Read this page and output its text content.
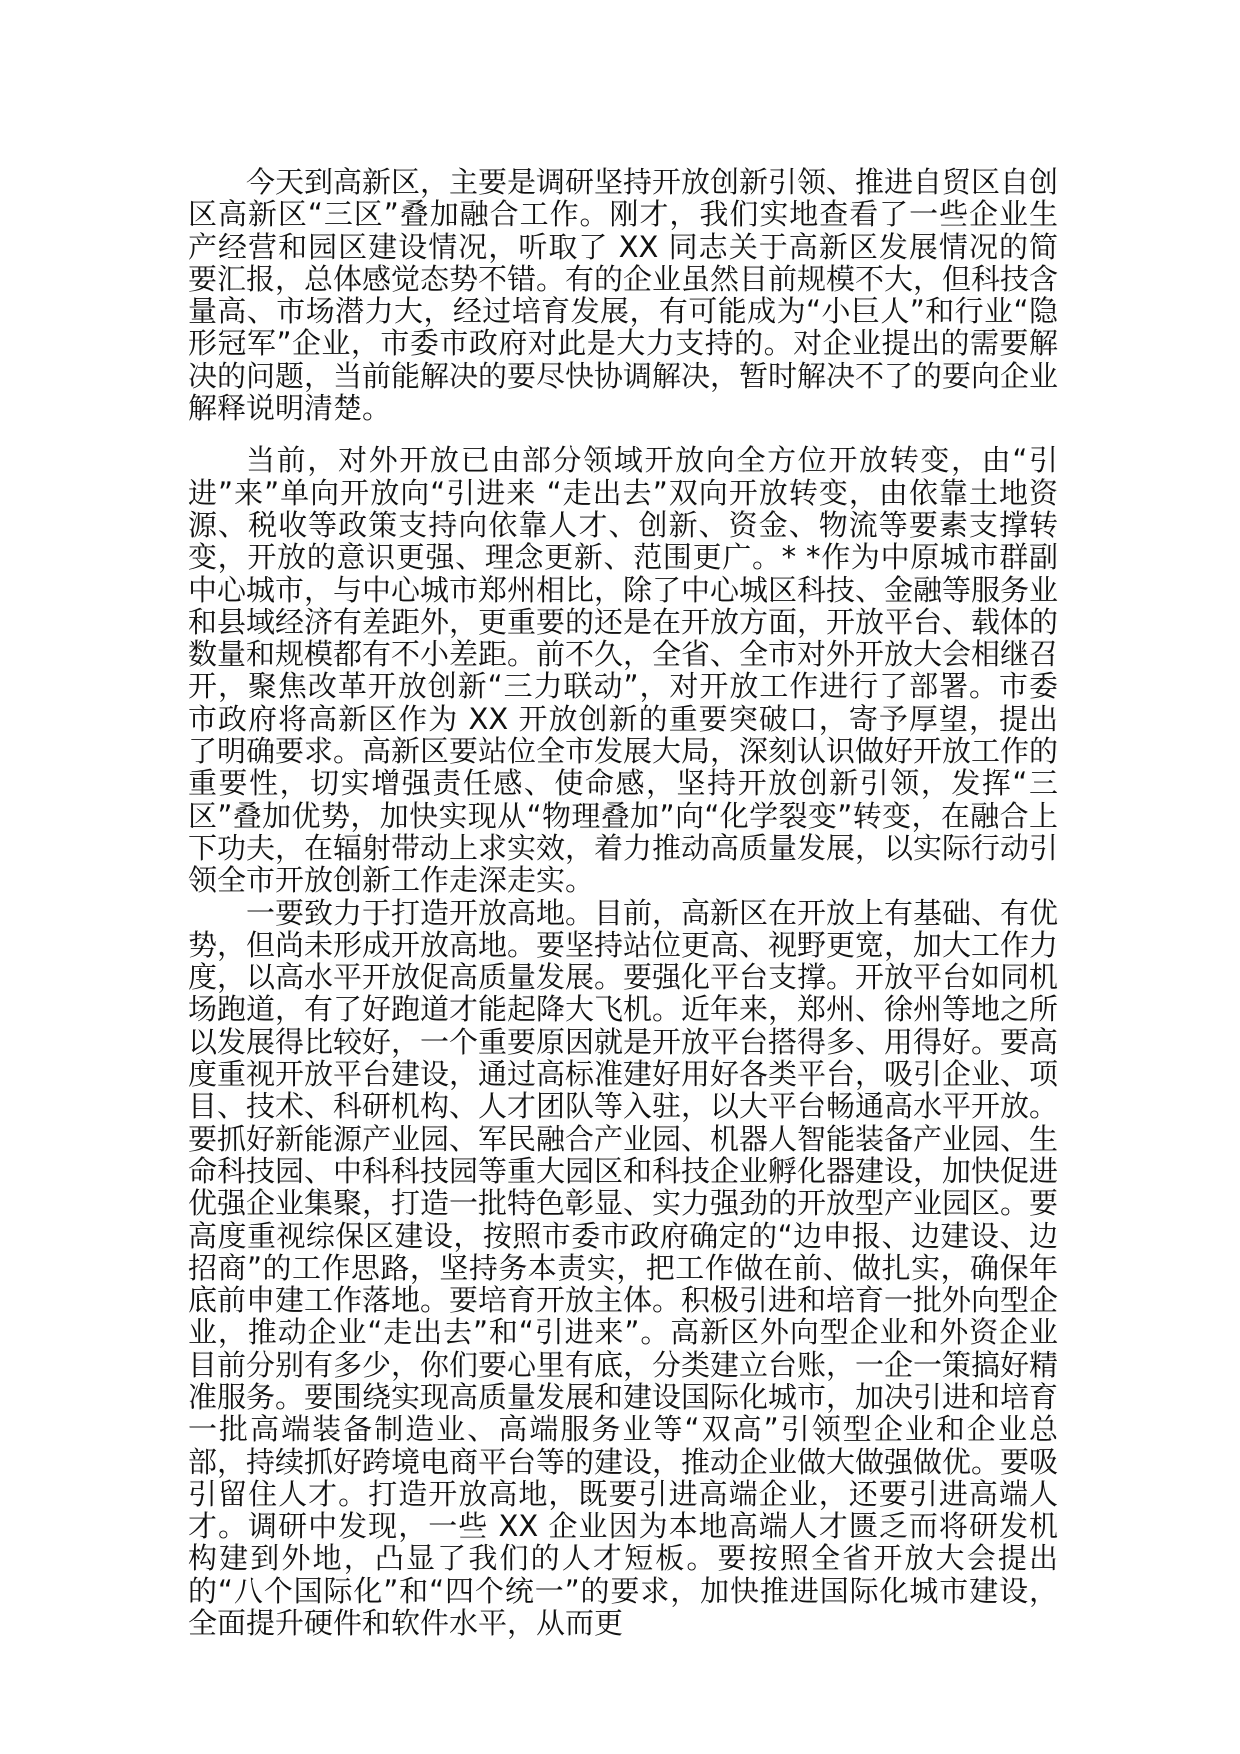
今天到高新区，主要是调研坚持开放创新引领、推进自贸区自创区高新区“三区”叠加融合工作。刚才，我们实地查看了一些企业生产经营和园区建设情况，听取了 XX 同志关于高新区发展情况的简要汇报，总体感觉态势不错。有的企业虽然目前规模不大，但科技含量高、市场潜力大，经过培育发展，有可能成为“小巨人”和行业“隐形冠军”企业，市委市政府对此是大力支持的。对企业提出的需要解决的问题，当前能解决的要尽快协调解决，暂时解决不了的要向企业解释说明清楚。

当前，对外开放已由部分领域开放向全方位开放转变，由“引进”来”单向开放向“引进来 “走出去”双向开放转变，由依靠土地资源、税收等政策支持向依靠人才、创新、资金、物流等要素支撑转变，开放的意识更强、理念更新、范围更广。* *作为中原城市群副中心城市，与中心城市郑州相比，除了中心城区科技、金融等服务业和县域经济有差距外，更重要的还是在开放方面，开放平台、载体的数量和规模都有不小差距。前不久，全省、全市对外开放大会相继召开，聚焦改革开放创新“三力联动”，对开放工作进行了部署。市委市政府将高新区作为 XX 开放创新的重要突破口，寄予厚望，提出了明确要求。高新区要站位全市发展大局，深刻认识做好开放工作的重要性，切实增强责任感、使命感，坚持开放创新引领，发挥“三区”叠加优势，加快实现从“物理叠加”向“化学裂变”转变，在融合上下功夫，在辐射带动上求实效，着力推动高质量发展，以实际行动引领全市开放创新工作走深走实。

一要致力于打造开放高地。目前，高新区在开放上有基础、有优势，但尚未形成开放高地。要坚持站位更高、视野更宽，加大工作力度，以高水平开放促高质量发展。要强化平台支撑。开放平台如同机场跑道，有了好跑道才能起降大飞机。近年来，郑州、徐州等地之所以发展得比较好，一个重要原因就是开放平台搭得多、用得好。要高度重视开放平台建设，通过高标准建好用好各类平台，吸引企业、项目、技术、科研机构、人才团队等入驻，以大平台畅通高水平开放。要抓好新能源产业园、军民融合产业园、机器人智能装备产业园、生命科技园、中科科技园等重大园区和科技企业孵化器建设，加快促进优强企业集聚，打造一批特色彰显、实力强劲的开放型产业园区。要高度重视综保区建设，按照市委市政府确定的“边申报、边建设、边招商”的工作思路，坚持务本责实，把工作做在前、做扎实，确保年底前申建工作落地。要培育开放主体。积极引进和培育一批外向型企业，推动企业“走出去”和“引进来”。高新区外向型企业和外资企业目前分别有多少，你们要心里有底，分类建立台账，一企一策搞好精准服务。要围绕实现高质量发展和建设国际化城市，加决引进和培育一批高端装备制造业、高端服务业等“双高”引领型企业和企业总部，持续抓好跨境电商平台等的建设，推动企业做大做强做优。要吸引留住人才。打造开放高地，既要引进高端企业，还要引进高端人才。调研中发现，一些 XX 企业因为本地高端人才匮乏而将研发机构建到外地，凸显了我们的人才短板。要按照全省开放大会提出的“八个国际化”和“四个统一”的要求，加快推进国际化城市建设，全面提升硬件和软件水平，从而更
